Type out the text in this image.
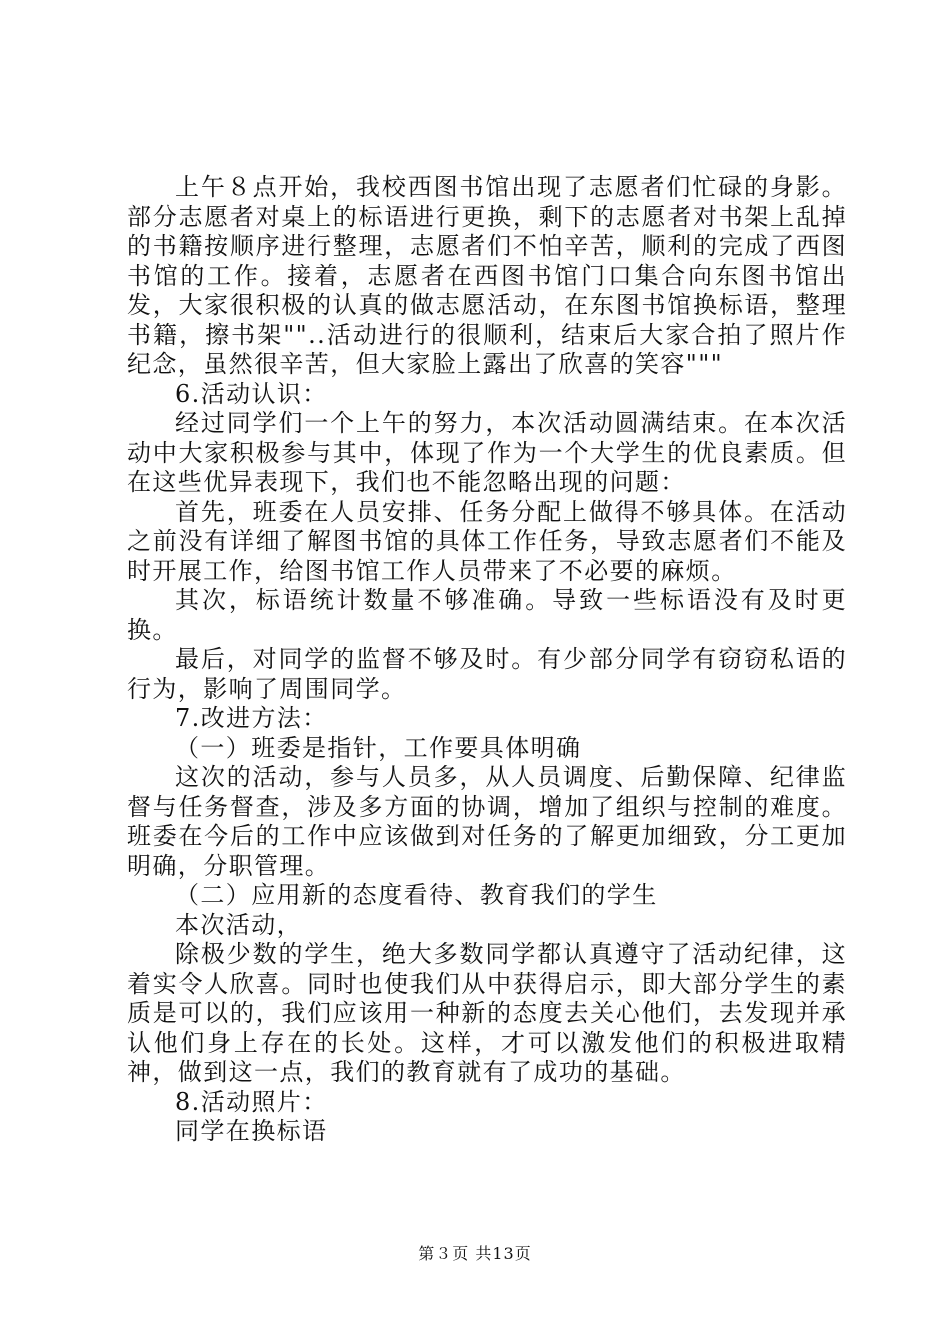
上午８点开始，我校西图书馆出现了志愿者们忙碌的身影。部分志愿者对桌上的标语进行更换，剩下的志愿者对书架上乱掉的书籍按顺序进行整理，志愿者们不怕辛苦，顺利的完成了西图书馆的工作。接着，志愿者在西图书馆门口集合向东图书馆出发，大家很积极的认真的做志愿活动，在东图书馆换标语，整理书籍，擦书架""..活动进行的很顺利，结束后大家合拍了照片作纪念，虽然很辛苦，但大家脸上露出了欣喜的笑容"""

6.活动认识：

经过同学们一个上午的努力，本次活动圆满结束。在本次活动中大家积极参与其中，体现了作为一个大学生的优良素质。但在这些优异表现下，我们也不能忽略出现的问题：

首先，班委在人员安排、任务分配上做得不够具体。在活动之前没有详细了解图书馆的具体工作任务，导致志愿者们不能及时开展工作，给图书馆工作人员带来了不必要的麻烦。

其次，标语统计数量不够准确。导致一些标语没有及时更换。

最后，对同学的监督不够及时。有少部分同学有窃窃私语的行为，影响了周围同学。

7.改进方法：

（一）班委是指针，工作要具体明确

这次的活动，参与人员多，从人员调度、后勤保障、纪律监督与任务督查，涉及多方面的协调，增加了组织与控制的难度。班委在今后的工作中应该做到对任务的了解更加细致，分工更加明确，分职管理。

（二）应用新的态度看待、教育我们的学生

本次活动，

除极少数的学生，绝大多数同学都认真遵守了活动纪律，这着实令人欣喜。同时也使我们从中获得启示，即大部分学生的素质是可以的，我们应该用一种新的态度去关心他们，去发现并承认他们身上存在的长处。这样，才可以激发他们的积极进取精神，做到这一点，我们的教育就有了成功的基础。

8.活动照片：

同学在换标语

第３页 共13页
